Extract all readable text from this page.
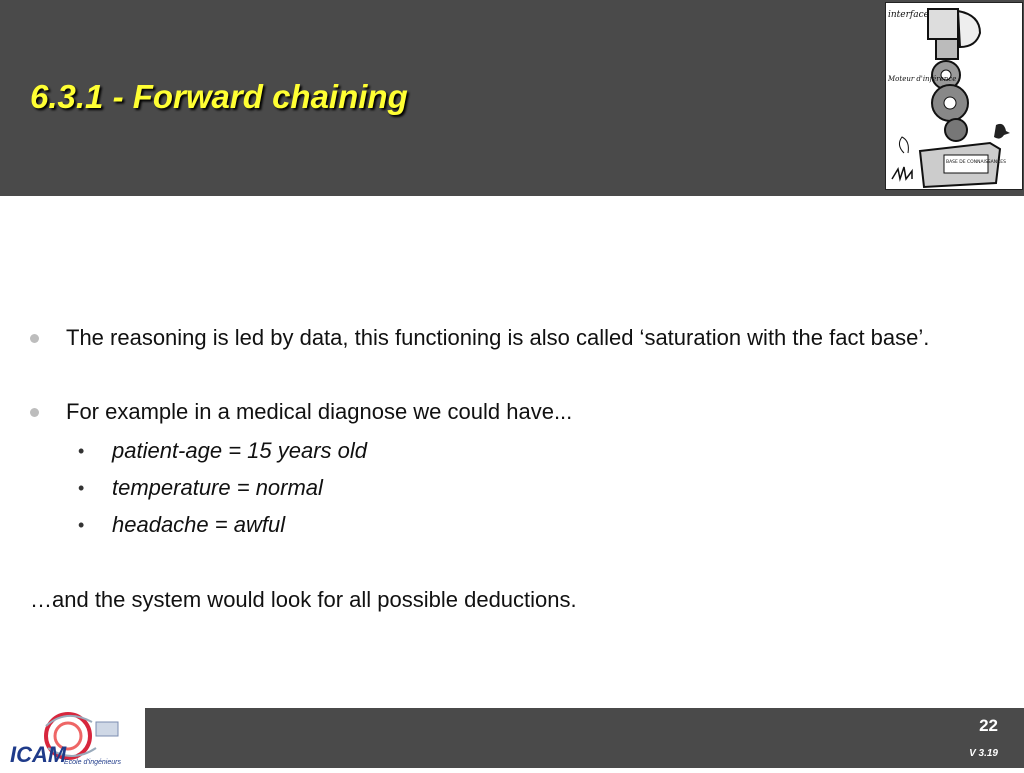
6.3.1 - Forward chaining
interface
Moteur d'inférence
BASE DE CONNAISSANCES
The reasoning is led by data, this functioning is also called ‘saturation with the fact base’.
For example in a medical diagnose we could have...
• patient-age = 15 years old
• temperature = normal
• headache = awful
…and the system would look for all possible deductions.
ICAM
Ecole d'ingénieurs
22
V 3.19
